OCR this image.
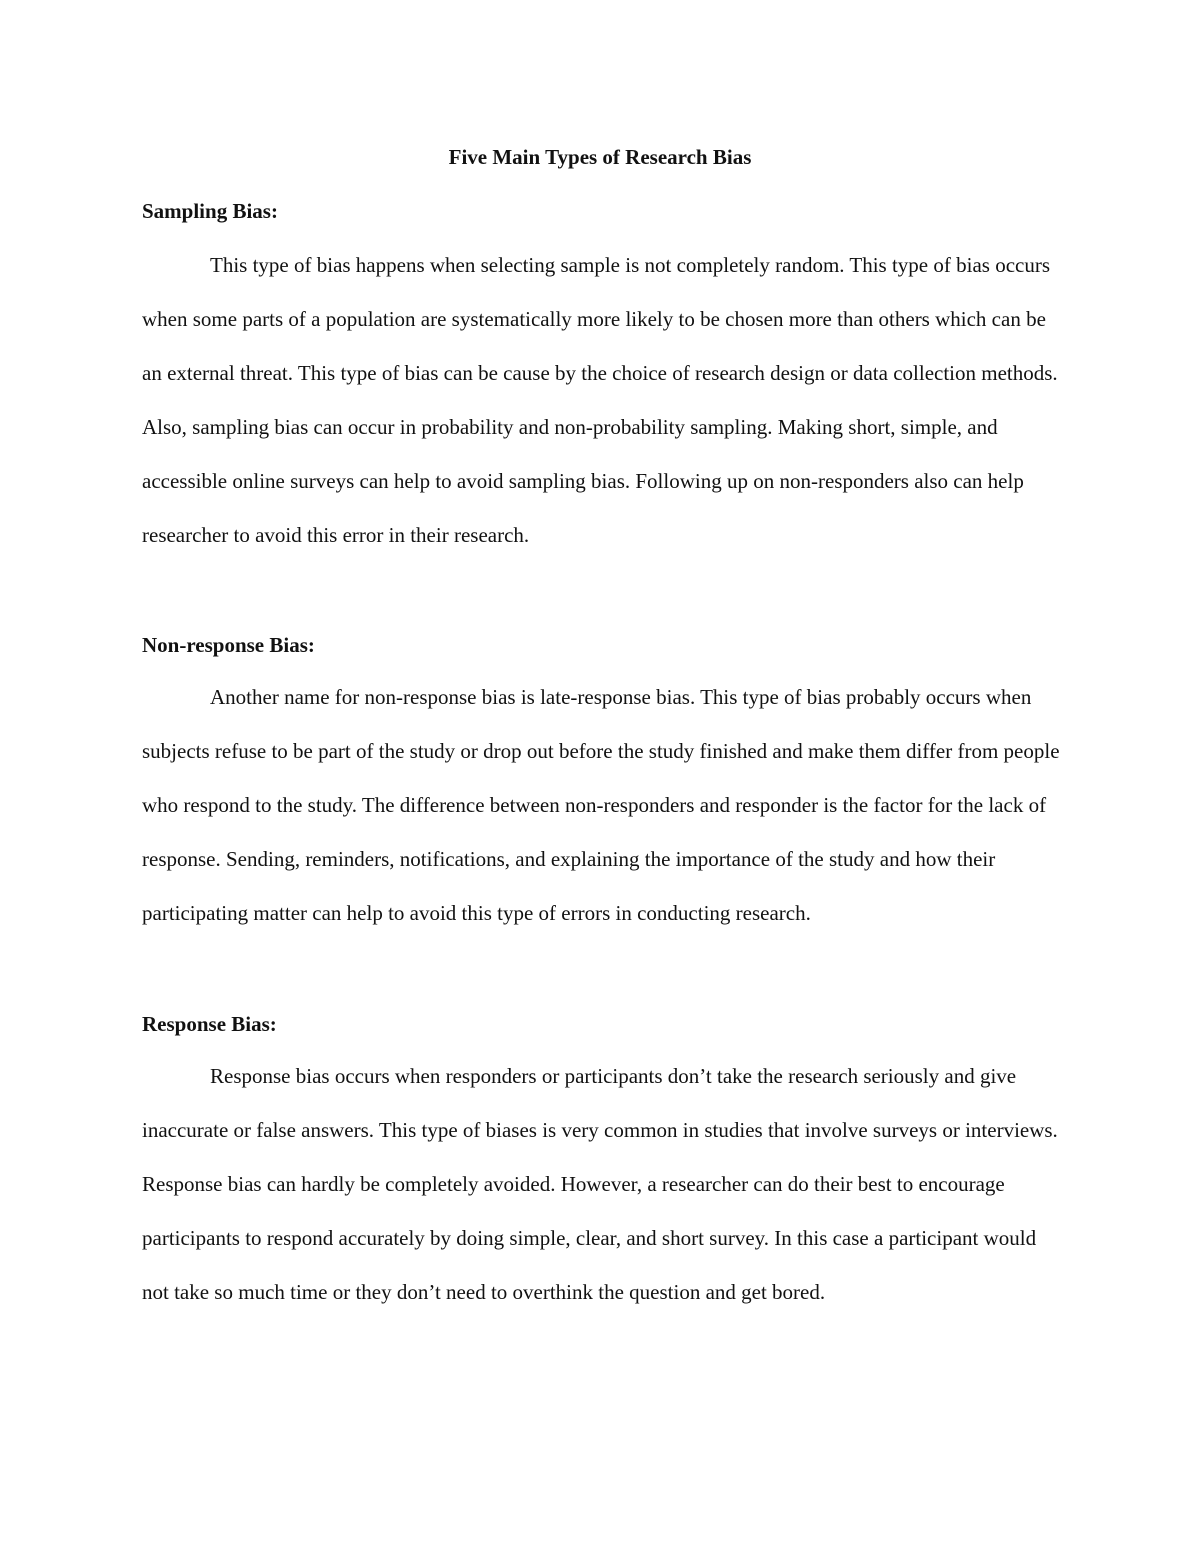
Five Main Types of Research Bias
Sampling Bias:

This type of bias happens when selecting sample is not completely random. This type of bias occurs when some parts of a population are systematically more likely to be chosen more than others which can be an external threat. This type of bias can be cause by the choice of research design or data collection methods. Also, sampling bias can occur in probability and non-probability sampling. Making short, simple, and accessible online surveys can help to avoid sampling bias. Following up on non-responders also can help researcher to avoid this error in their research.

Non-response Bias:

Another name for non-response bias is late-response bias. This type of bias probably occurs when subjects refuse to be part of the study or drop out before the study finished and make them differ from people who respond to the study. The difference between non-responders and responder is the factor for the lack of response. Sending, reminders, notifications, and explaining the importance of the study and how their participating matter can help to avoid this type of errors in conducting research.

Response Bias:

Response bias occurs when responders or participants don’t take the research seriously and give inaccurate or false answers. This type of biases is very common in studies that involve surveys or interviews. Response bias can hardly be completely avoided. However, a researcher can do their best to encourage participants to respond accurately by doing simple, clear, and short survey. In this case a participant would not take so much time or they don’t need to overthink the question and get bored.
